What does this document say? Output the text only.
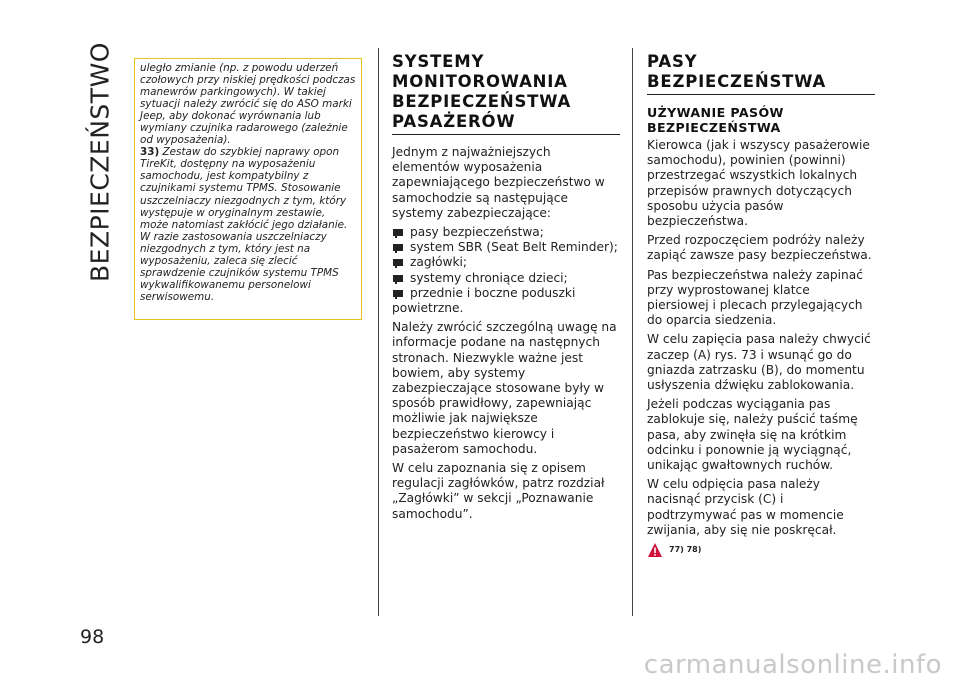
BEZPIECZEŃSTWO
98
uległo zmianie (np. z powodu uderzeń czołowych przy niskiej prędkości podczas manewrów parkingowych). W takiej sytuacji należy zwrócić się do ASO marki Jeep, aby dokonać wyrównania lub wymiany czujnika radarowego (zależnie od wyposażenia).
33) Zestaw do szybkiej naprawy opon TireKit, dostępny na wyposażeniu samochodu, jest kompatybilny z czujnikami systemu TPMS. Stosowanie uszczelniaczy niezgodnych z tym, który występuje w oryginalnym zestawie, może natomiast zakłócić jego działanie. W razie zastosowania uszczelniaczy niezgodnych z tym, który jest na wyposażeniu, zaleca się zlecić sprawdzenie czujników systemu TPMS wykwalifikowanemu personelowi serwisowemu.
SYSTEMY MONITOROWANIA BEZPIECZEŃSTWA PASAŻERÓW

Jednym z najważniejszych elementów wyposażenia zapewniającego bezpieczeństwo w samochodzie są następujące systemy zabezpieczające:

pasy bezpieczeństwa;
system SBR (Seat Belt Reminder);
zagłówki;
systemy chroniące dzieci;
przednie i boczne poduszki

powietrzne.

Należy zwrócić szczególną uwagę na informacje podane na następnych stronach. Niezwykle ważne jest bowiem, aby systemy zabezpieczające stosowane były w sposób prawidłowy, zapewniając możliwie jak największe bezpieczeństwo kierowcy i pasażerom samochodu.

W celu zapoznania się z opisem regulacji zagłówków, patrz rozdział „Zagłówki” w sekcji „Poznawanie samochodu”.

PASY BEZPIECZEŃSTWA
UŻYWANIE PASÓW BEZPIECZEŃSTWA

Kierowca (jak i wszyscy pasażerowie samochodu), powinien (powinni) przestrzegać wszystkich lokalnych przepisów prawnych dotyczących sposobu użycia pasów bezpieczeństwa.

Przed rozpoczęciem podróży należy zapiąć zawsze pasy bezpieczeństwa.

Pas bezpieczeństwa należy zapinać przy wyprostowanej klatce piersiowej i plecach przylegających do oparcia siedzenia.

W celu zapięcia pasa należy chwycić zaczep (A) rys. 73 i wsunąć go do gniazda zatrzasku (B), do momentu usłyszenia dźwięku zablokowania.

Jeżeli podczas wyciągania pas zablokuje się, należy puścić taśmę pasa, aby zwinęła się na krótkim odcinku i ponownie ją wyciągnąć, unikając gwałtownych ruchów.

W celu odpięcia pasa należy nacisnąć przycisk (C) i podtrzymywać pas w momencie zwijania, aby się nie poskręcał.

77) 78)
carmanualsonline.info
